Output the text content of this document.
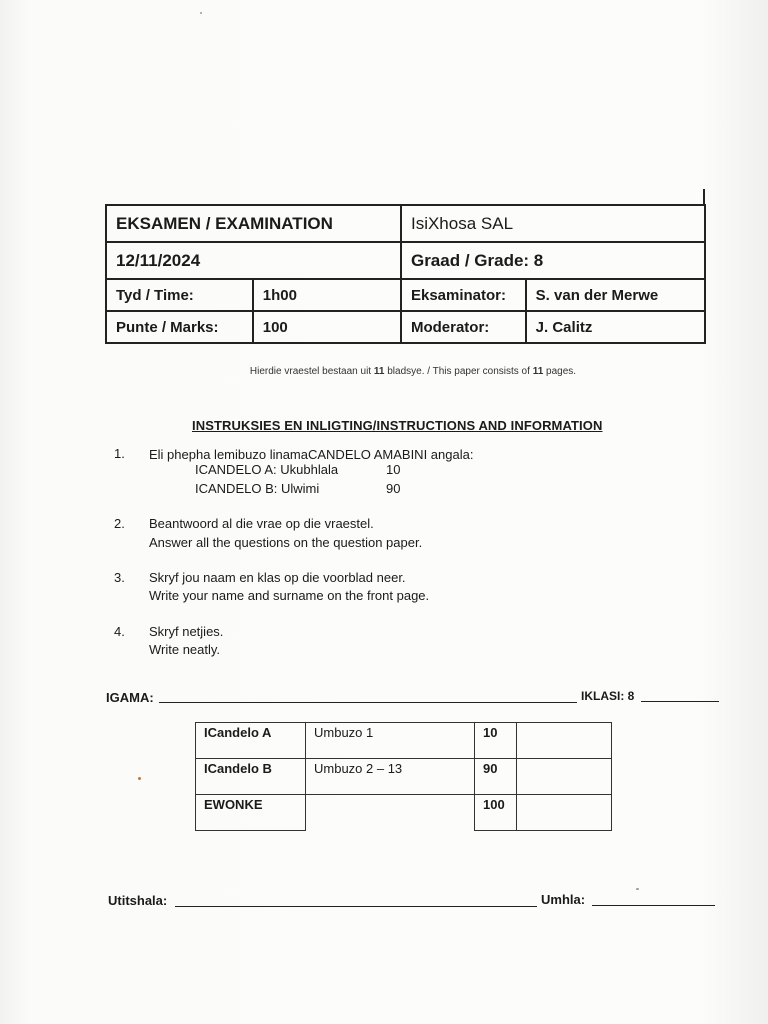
EKSAMEN / EXAMINATION		IsiXhosa SAL	
12/11/2024		Graad / Grade: 8	
Tyd / Time:	1h00	Eksaminator:	S. van der Merwe
Punte / Marks:	100	Moderator:	J. Calitz
Hierdie vraestel bestaan uit 11 bladsye. / This paper consists of 11 pages.
INSTRUKSIES EN INLIGTING/INSTRUCTIONS AND INFORMATION
1. Eli phepha lemibuzo linamaCANDELO AMABINI angala:
ICANDELO A: Ukubhlala	10
ICANDELO B: Ulwimi	90
2. Beantwoord al die vrae op die vraestel.
Answer all the questions on the question paper.
3. Skryf jou naam en klas op die voorblad neer.
Write your name and surname on the front page.
4. Skryf netjies.
Write neatly.
IGAMA:	IKLASI: 8
ICandelo A	Umbuzo 1	10	
ICandelo B	Umbuzo 2 – 13	90	
EWONKE		100	
Utitshala:	Umhla:
